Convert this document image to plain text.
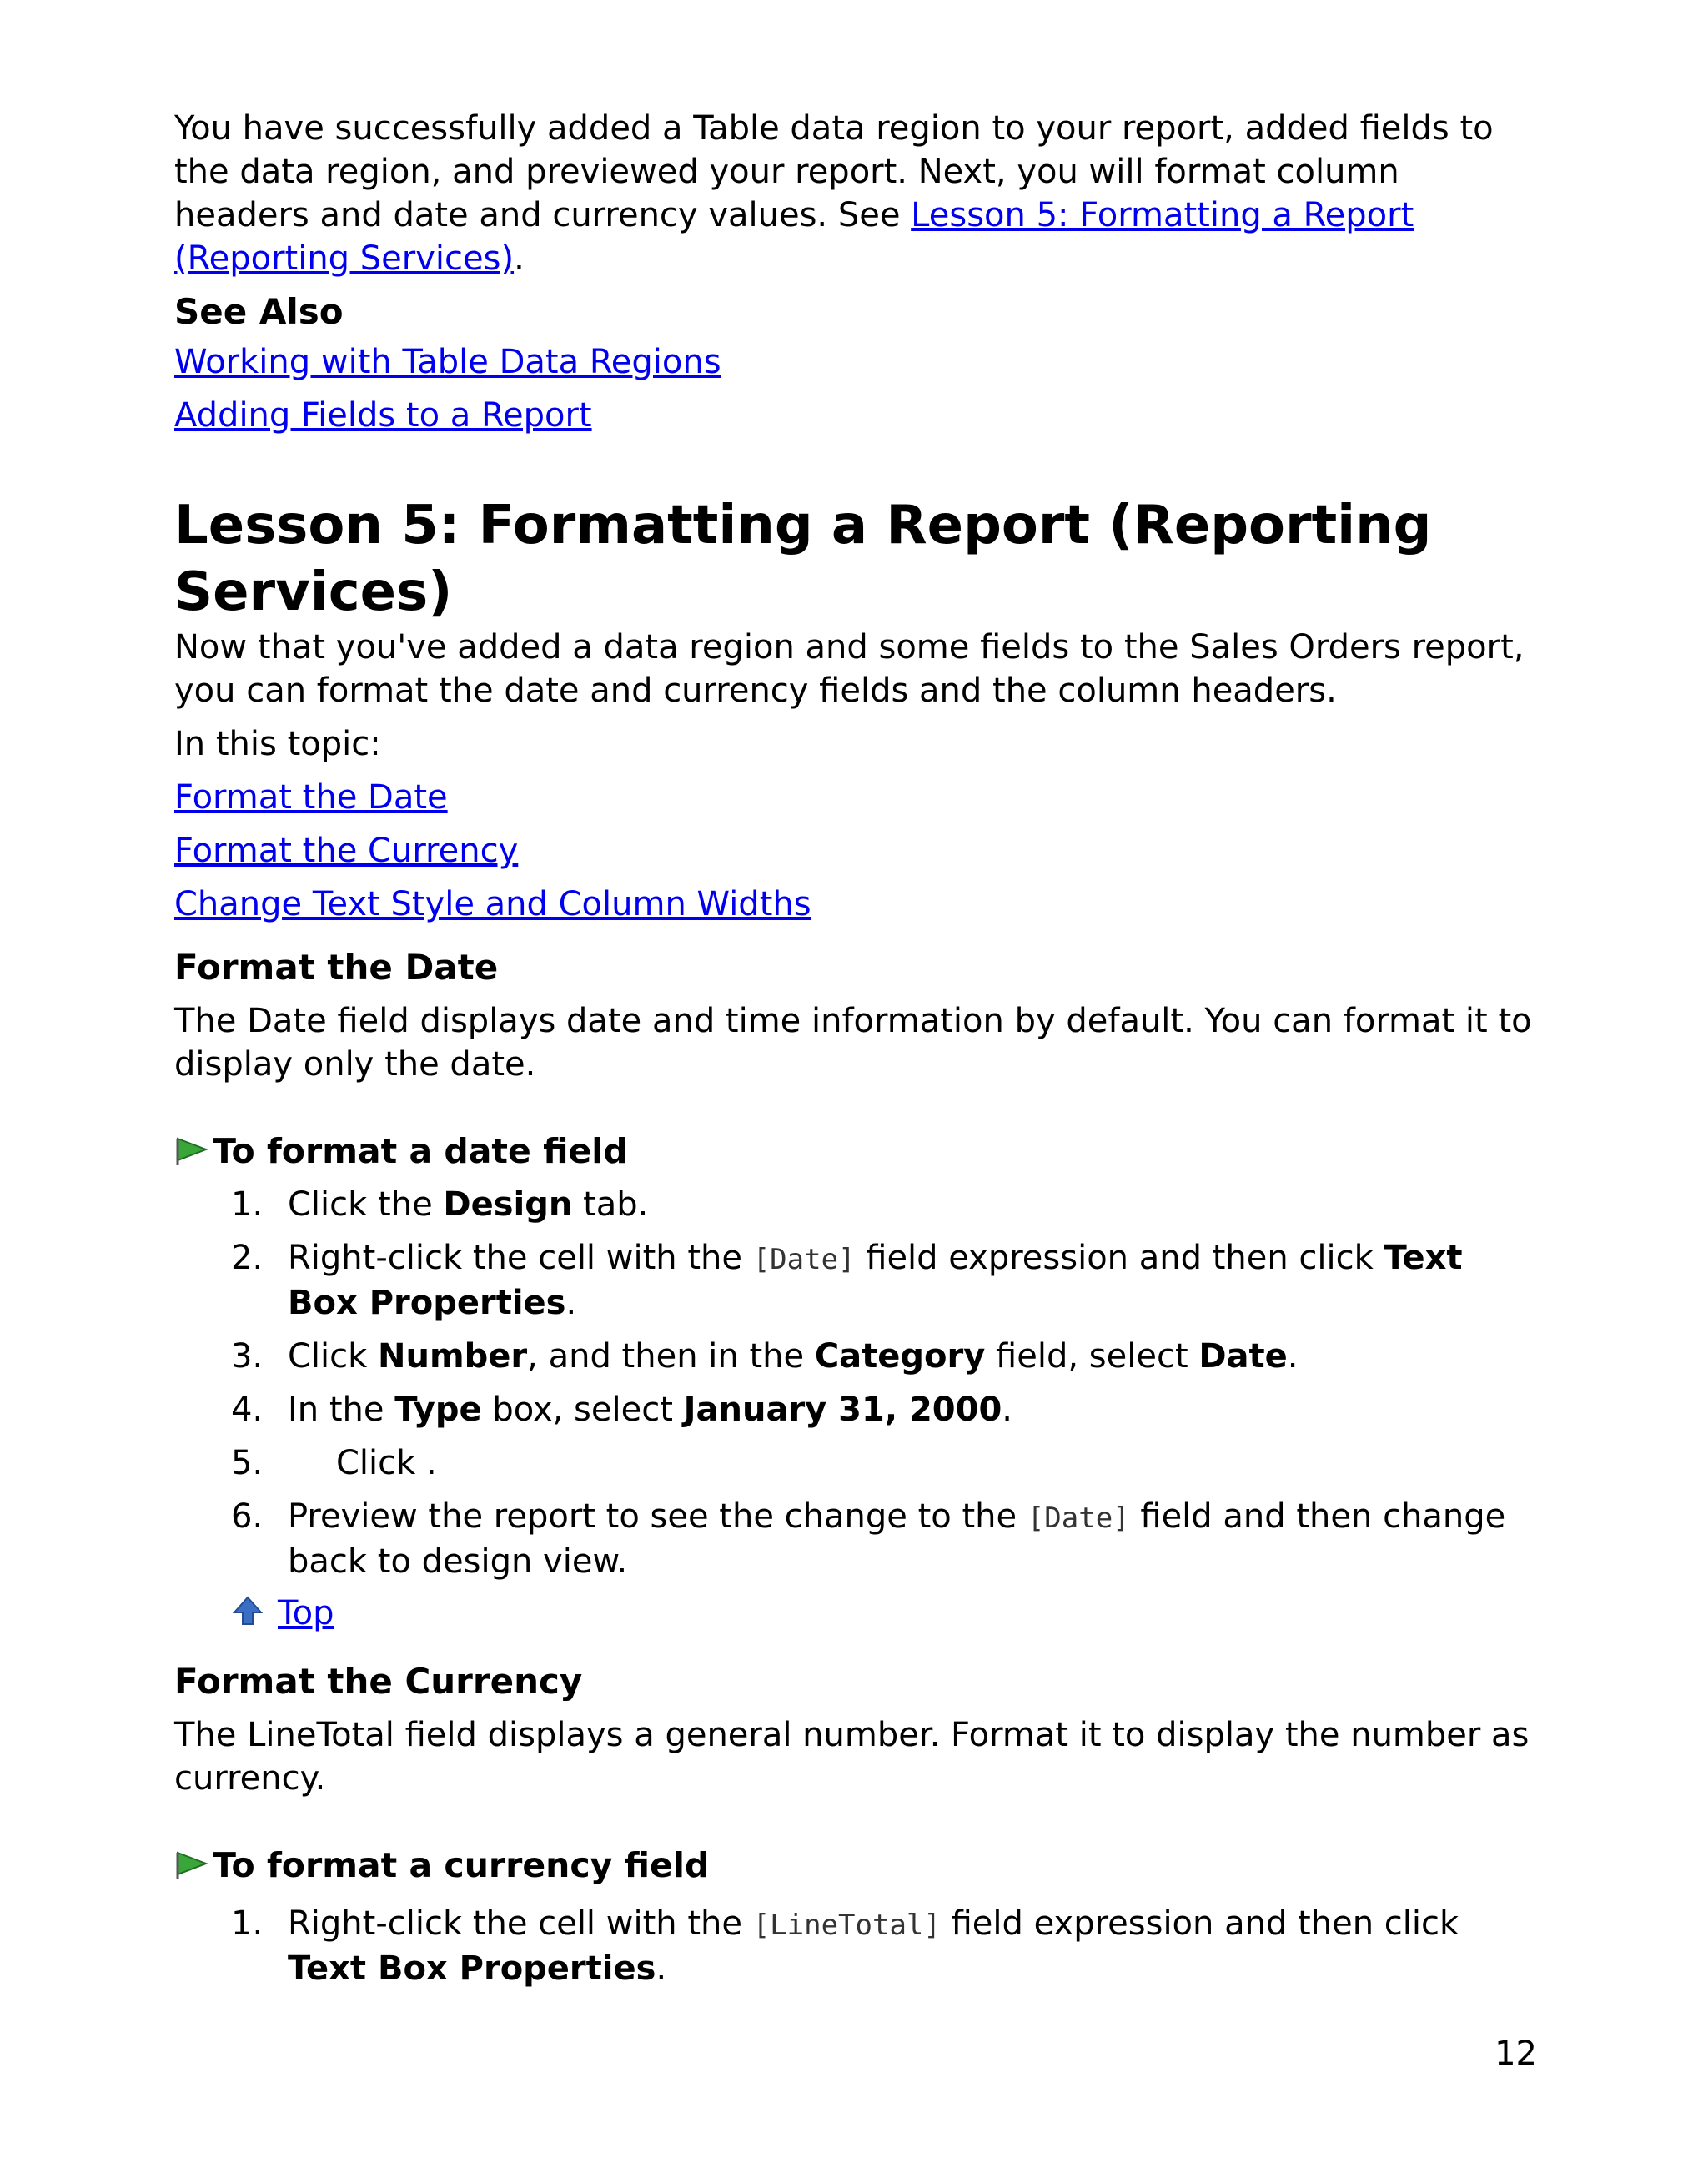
You have successfully added a Table data region to your report, added fields to the data region, and previewed your report. Next, you will format column headers and date and currency values. See Lesson 5: Formatting a Report (Reporting Services).

See Also

Working with Table Data Regions

Adding Fields to a Report

Lesson 5: Formatting a Report (Reporting Services)

Now that you've added a data region and some fields to the Sales Orders report, you can format the date and currency fields and the column headers.

In this topic:

Format the Date

Format the Currency

Change Text Style and Column Widths

Format the Date

The Date field displays date and time information by default. You can format it to display only the date.

To format a date field
1. Click the Design tab.
2. Right-click the cell with the [Date] field expression and then click Text Box Properties.
3. Click Number, and then in the Category field, select Date.
4. In the Type box, select January 31, 2000.
5. Click .
6. Preview the report to see the change to the [Date] field and then change back to design view.
Top
Format the Currency

The LineTotal field displays a general number. Format it to display the number as currency.

To format a currency field
1. Right-click the cell with the [LineTotal] field expression and then click Text Box Properties.
12
